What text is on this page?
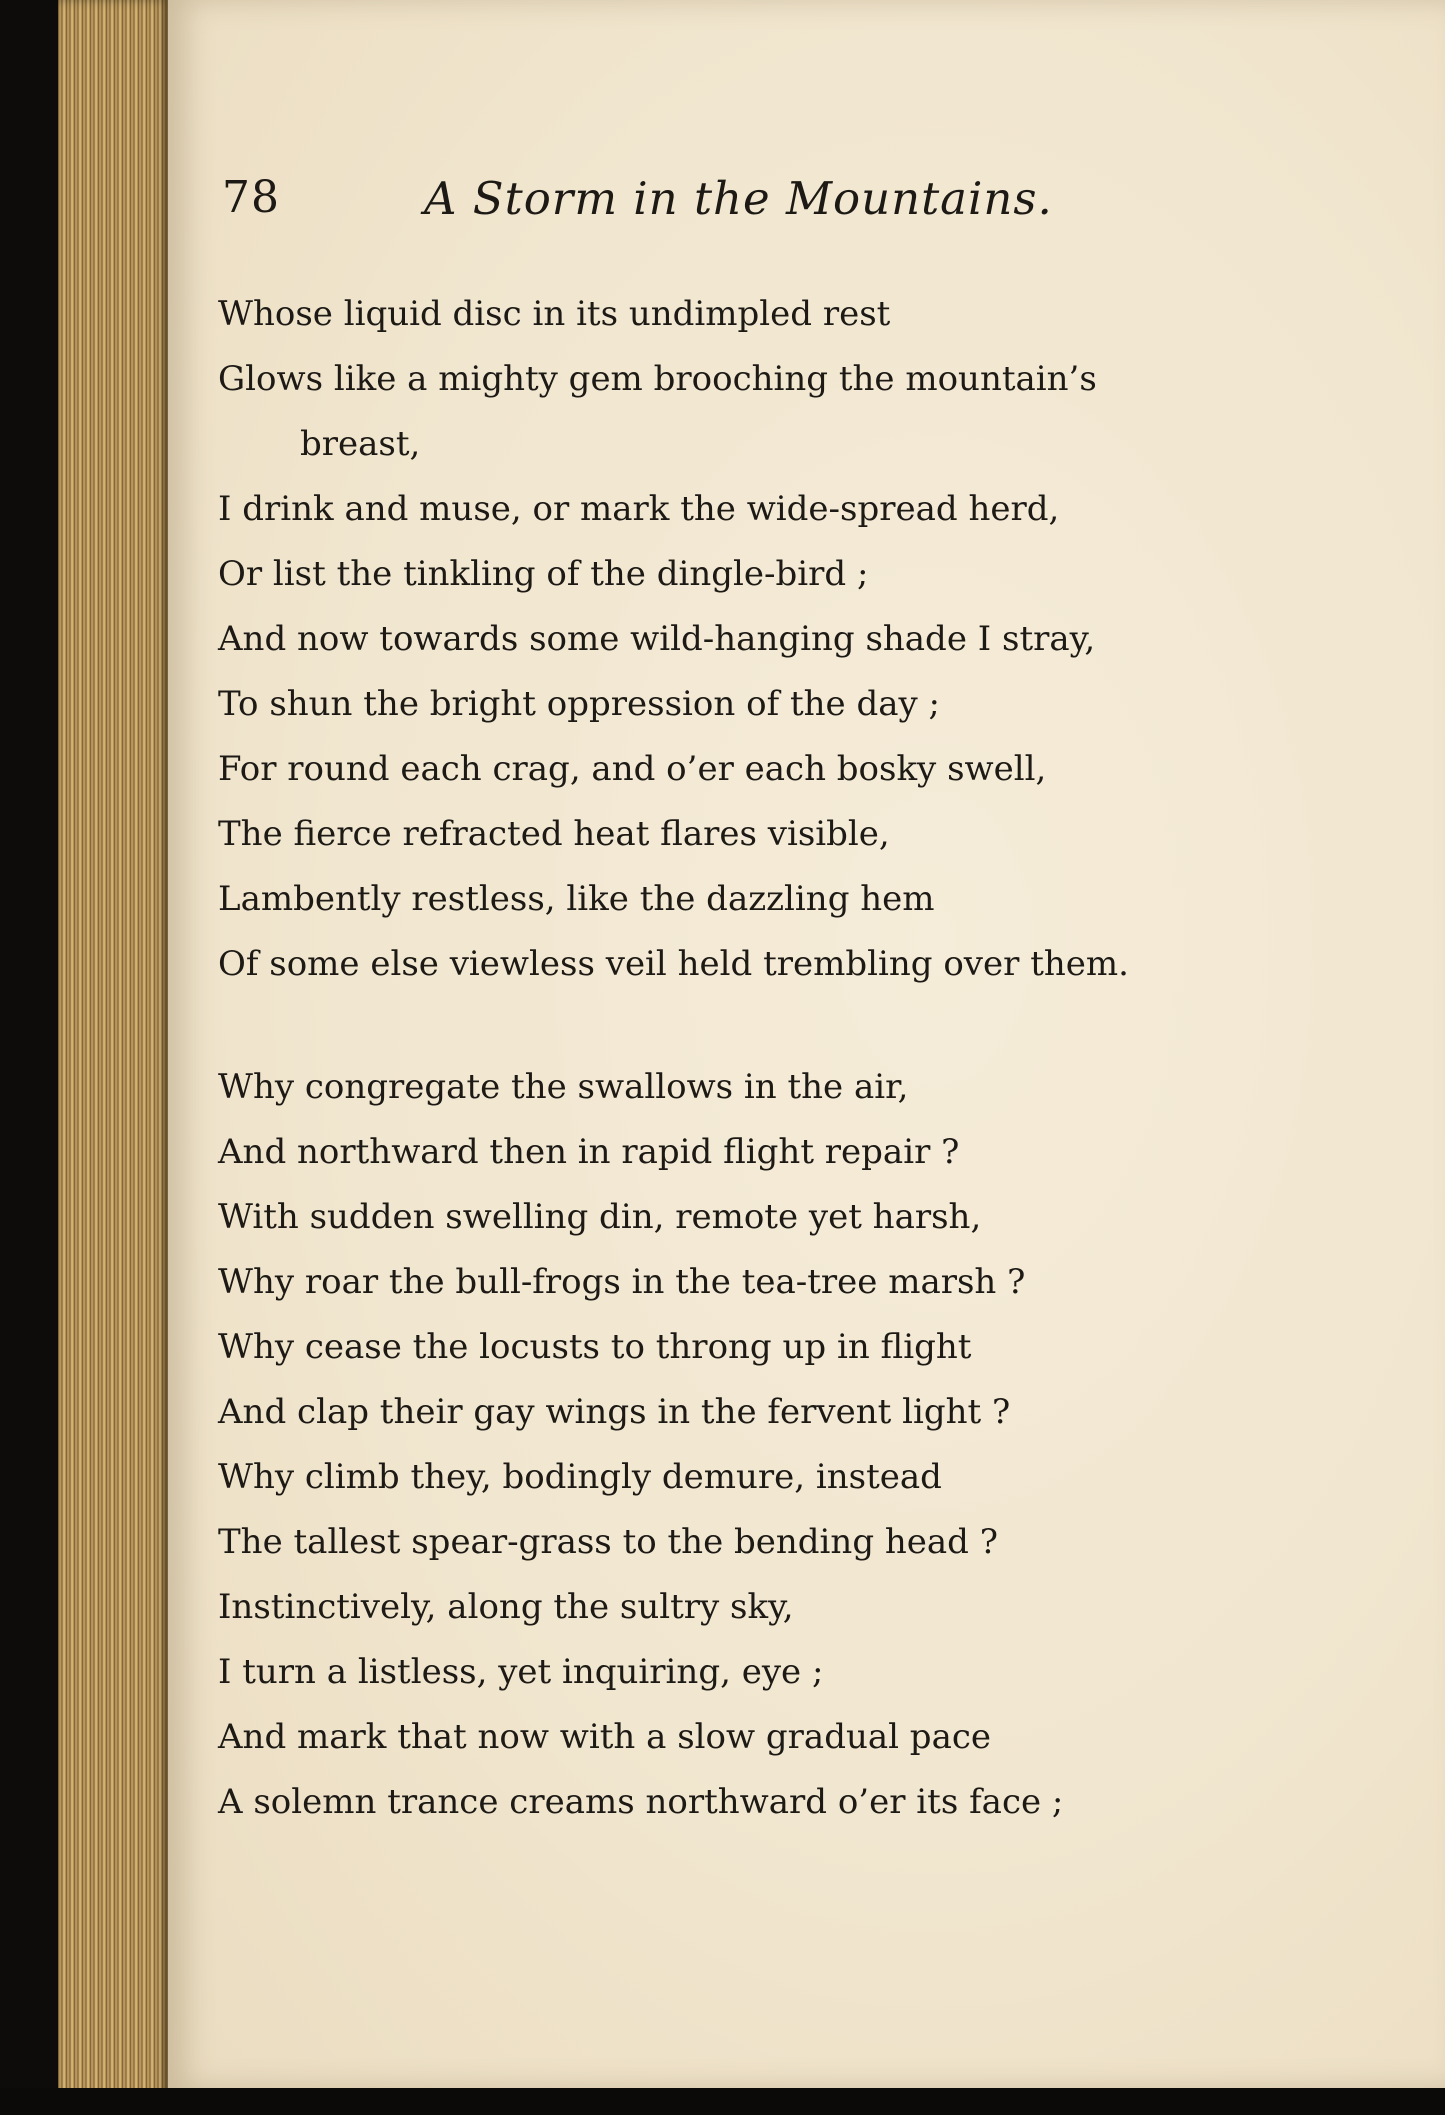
78	A Storm in the Mountains.
Whose liquid disc in its undimpled rest
Glows like a mighty gem brooching the mountain’s
breast,
I drink and muse, or mark the wide-spread herd,
Or list the tinkling of the dingle-bird ;
And now towards some wild-hanging shade I stray,
To shun the bright oppression of the day ;
For round each crag, and o’er each bosky swell,
The fierce refracted heat flares visible,
Lambently restless, like the dazzling hem
Of some else viewless veil held trembling over them.
Why congregate the swallows in the air,
And northward then in rapid flight repair ?
With sudden swelling din, remote yet harsh,
Why roar the bull-frogs in the tea-tree marsh ?
Why cease the locusts to throng up in flight
And clap their gay wings in the fervent light ?
Why climb they, bodingly demure, instead
The tallest spear-grass to the bending head ?
Instinctively, along the sultry sky,
I turn a listless, yet inquiring, eye ;
And mark that now with a slow gradual pace
A solemn trance creams northward o’er its face ;
